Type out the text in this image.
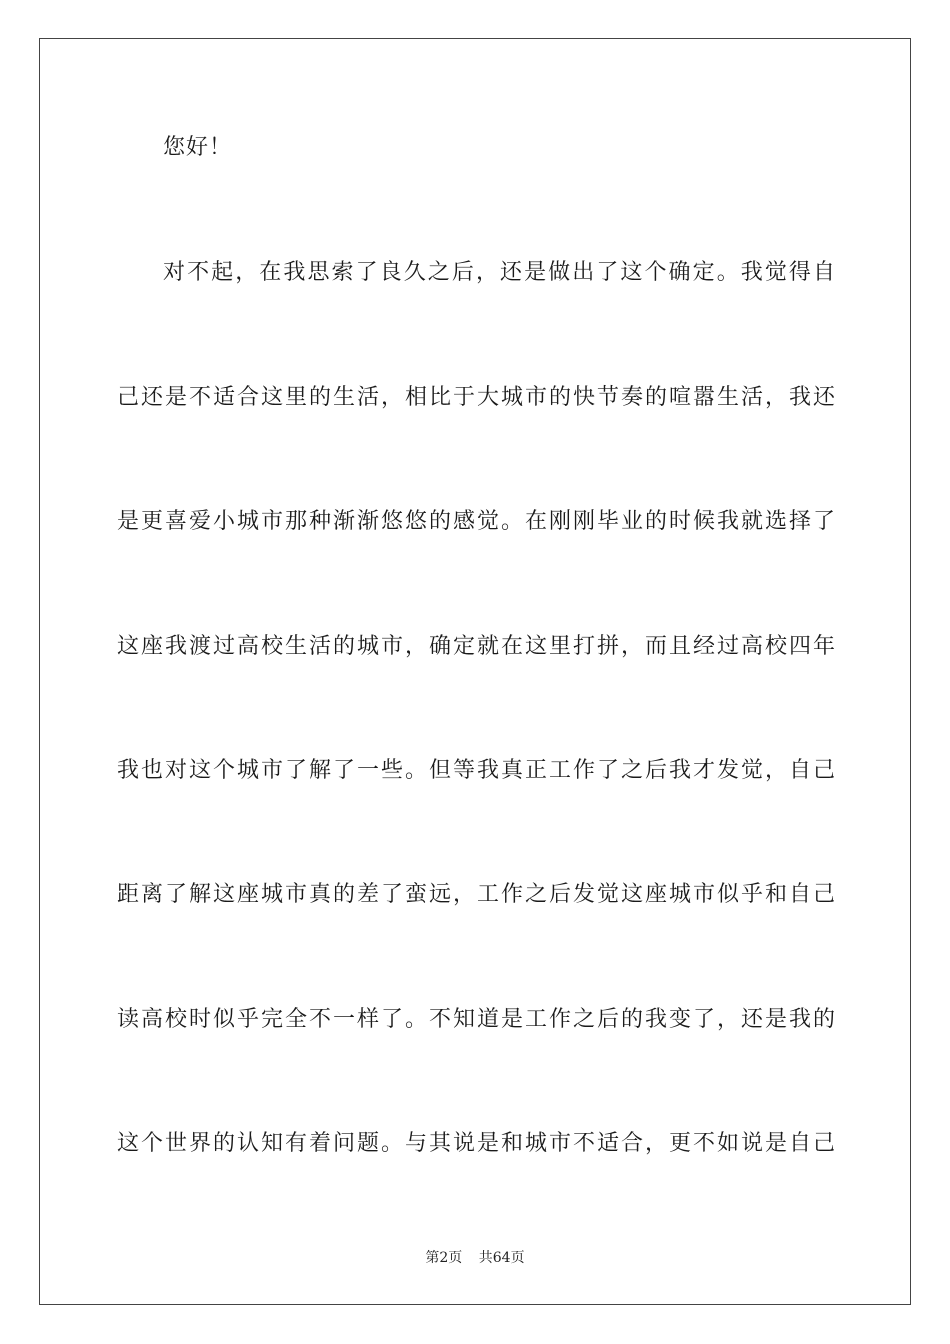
您好！
对不起，在我思索了良久之后，还是做出了这个确定。我觉得自
己还是不适合这里的生活，相比于大城市的快节奏的喧嚣生活，我还
是更喜爱小城市那种渐渐悠悠的感觉。在刚刚毕业的时候我就选择了
这座我渡过高校生活的城市，确定就在这里打拼，而且经过高校四年
我也对这个城市了解了一些。但等我真正工作了之后我才发觉，自己
距离了解这座城市真的差了蛮远，工作之后发觉这座城市似乎和自己
读高校时似乎完全不一样了。不知道是工作之后的我变了，还是我的
这个世界的认知有着问题。与其说是和城市不适合，更不如说是自己
第2页 共64页
